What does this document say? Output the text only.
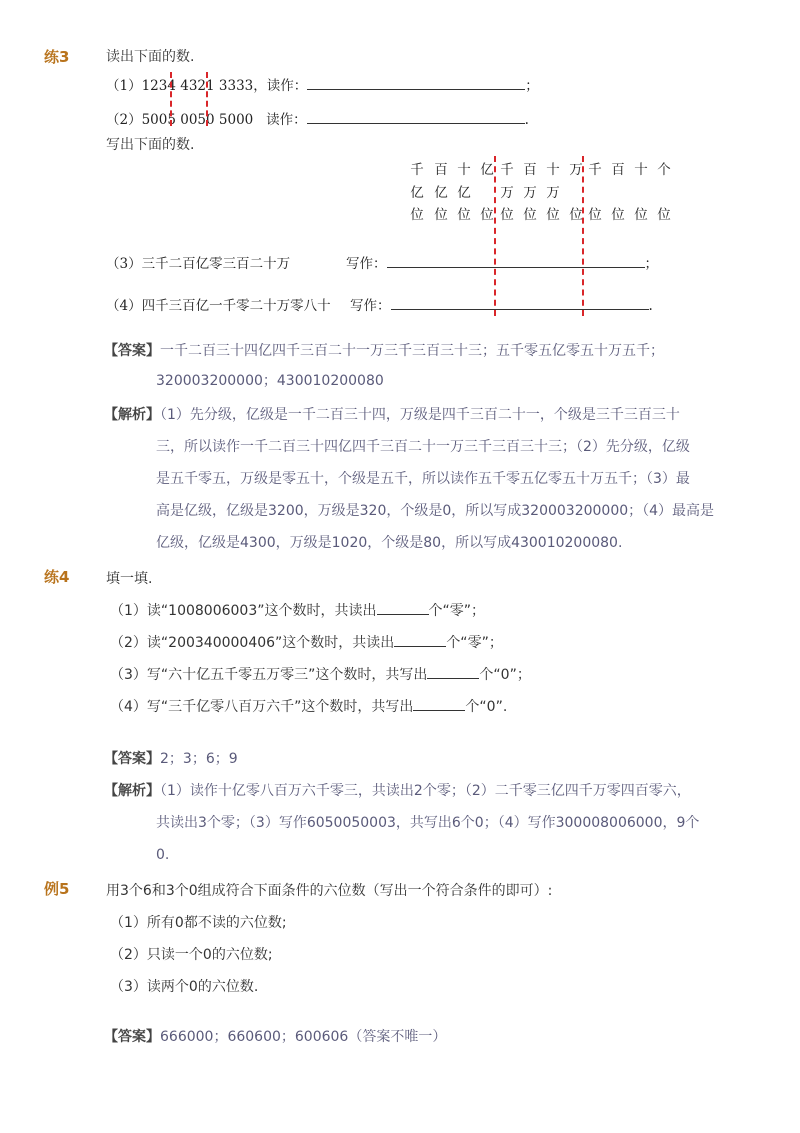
练3	读出下面的数.
（1）1234 4321 3333，读作：	；
（2）5005 0050 5000 读作：	.
写出下面的数.
千 百 十 亿 千 百 十 万 千 百 十 个
亿 亿 亿	万 万 万
位 位 位 位 位 位 位 位 位 位 位 位
（3）三千二百亿零三百二十万	写作：	；
（4）四千三百亿一千零二十万零八十 写作：	.
【答案】一千二百三十四亿四千三百二十一万三千三百三十三；五千零五亿零五十万五千；
320003200000；430010200080
【解析】（1）先分级，亿级是一千二百三十四，万级是四千三百二十一，个级是三千三百三十
三，所以读作一千二百三十四亿四千三百二十一万三千三百三十三；（2）先分级，亿级
是五千零五，万级是零五十，个级是五千，所以读作五千零五亿零五十万五千；（3）最
高是亿级，亿级是3200，万级是320，个级是0，所以写成320003200000；（4）最高是
亿级，亿级是4300，万级是1020，个级是80，所以写成430010200080.
练4	填一填.
（1）读“1008006003”这个数时，共读出	个“零”；
（2）读“200340000406”这个数时，共读出	个“零”；
（3）写“六十亿五千零五万零三”这个数时，共写出	个“0”；
（4）写“三千亿零八百万六千”这个数时，共写出	个“0”.
【答案】2；3；6；9
【解析】（1）读作十亿零八百万六千零三，共读出2个零；（2）二千零三亿四千万零四百零六，
共读出3个零；（3）写作6050050003，共写出6个0；（4）写作300008006000，9个
0.
例5	用3个6和3个0组成符合下面条件的六位数（写出一个符合条件的即可）:
（1）所有0都不读的六位数;
（2）只读一个0的六位数;
（3）读两个0的六位数.
【答案】666000；660600；600606（答案不唯一）
